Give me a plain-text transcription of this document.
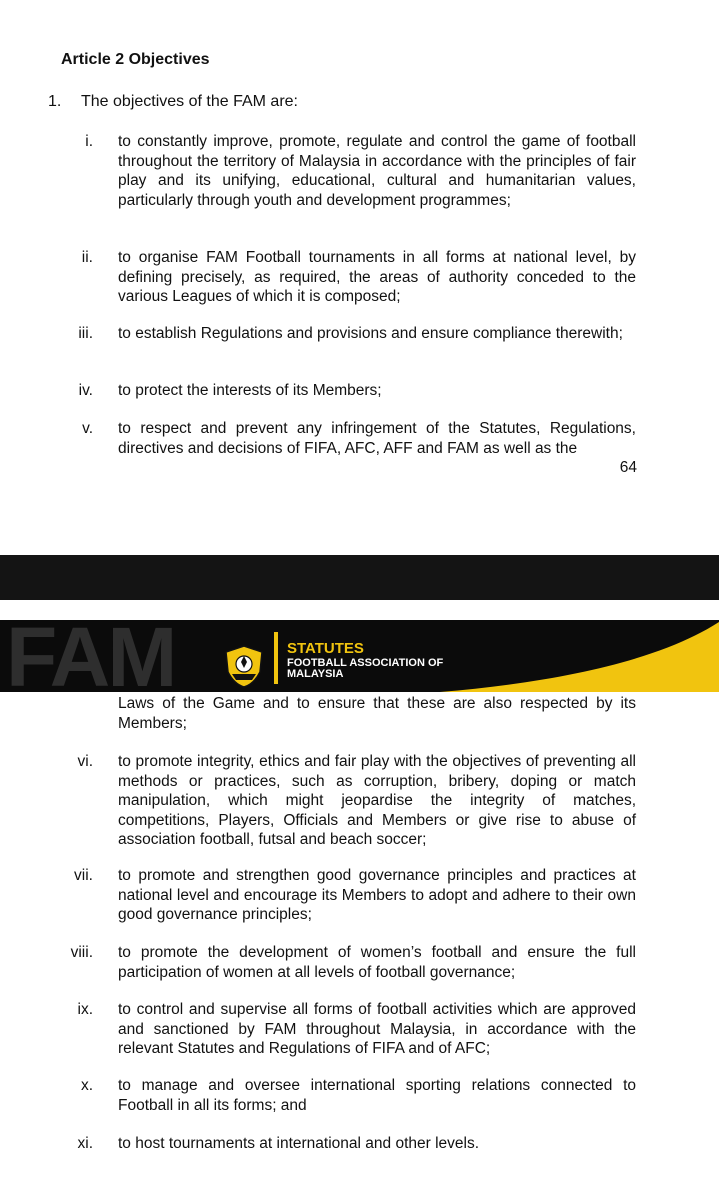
Article 2 Objectives
1. The objectives of the FAM are:
i. to constantly improve, promote, regulate and control the game of football throughout the territory of Malaysia in accordance with the principles of fair play and its unifying, educational, cultural and humanitarian values, particularly through youth and development programmes;
ii. to organise FAM Football tournaments in all forms at national level, by defining precisely, as required, the areas of authority conceded to the various Leagues of which it is composed;
iii. to establish Regulations and provisions and ensure compliance therewith;
iv. to protect the interests of its Members;
v. to respect and prevent any infringement of the Statutes, Regulations, directives and decisions of FIFA, AFC, AFF and FAM as well as the
64
FAM	STATUTES
FOOTBALL ASSOCIATION OF
MALAYSIA
Laws of the Game and to ensure that these are also respected by its Members;
vi. to promote integrity, ethics and fair play with the objectives of preventing all methods or practices, such as corruption, bribery, doping or match manipulation, which might jeopardise the integrity of matches, competitions, Players, Officials and Members or give rise to abuse of association football, futsal and beach soccer;
vii. to promote and strengthen good governance principles and practices at national level and encourage its Members to adopt and adhere to their own good governance principles;
viii. to promote the development of women’s football and ensure the full participation of women at all levels of football governance;
ix. to control and supervise all forms of football activities which are approved and sanctioned by FAM throughout Malaysia, in accordance with the relevant Statutes and Regulations of FIFA and of AFC;
x. to manage and oversee international sporting relations connected to Football in all its forms; and
xi. to host tournaments at international and other levels.
